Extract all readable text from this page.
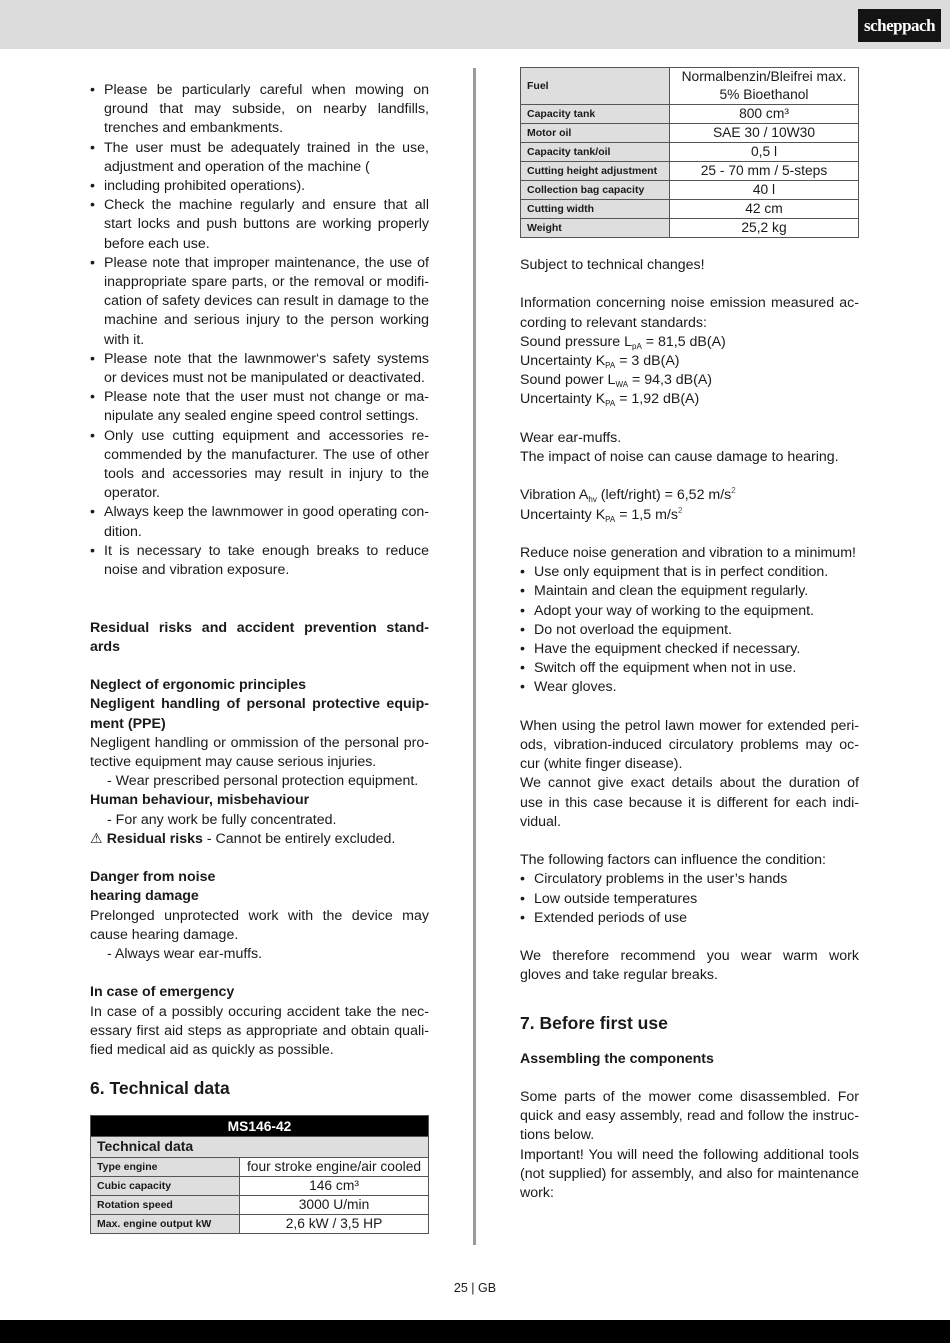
scheppach
• Please be particularly careful when mowing on ground that may subside, on nearby landfills, trenches and embankments.
• The user must be adequately trained in the use, adjustment and operation of the machine (
• including prohibited operations).
• Check the machine regularly and ensure that all start locks and push buttons are working properly before each use.
• Please note that improper maintenance, the use of inappropriate spare parts, or the removal or modifi-cation of safety devices can result in damage to the machine and serious injury to the person working with it.
• Please note that the lawnmower‘s safety systems or devices must not be manipulated or deactivated.
• Please note that the user must not change or ma-nipulate any sealed engine speed control settings.
• Only use cutting equipment and accessories re-commended by the manufacturer. The use of other tools and accessories may result in injury to the operator.
• Always keep the lawnmower in good operating con-dition.
• It is necessary to take enough breaks to reduce noise and vibration exposure.

Residual risks and accident prevention stand-ards

Neglect of ergonomic principles

Negligent handling of personal protective equip-ment (PPE)

Negligent handling or ommission of the personal pro-tective equipment may cause serious injuries.

- Wear prescribed personal protection equipment.

Human behaviour, misbehaviour

- For any work be fully concentrated.

⚠ Residual risks - Cannot be entirely excluded.

Danger from noise

hearing damage

Prelonged unprotected work with the device may cause hearing damage.

- Always wear ear-muffs.

In case of emergency

In case of a possibly occuring accident take the nec-essary first aid steps as appropriate and obtain quali-fied medical aid as quickly as possible.

6. Technical data
MS146-42	
Technical data	
Type engine	four stroke engine/air cooled
Cubic capacity	146 cm³
Rotation speed	3000 U/min
Max. engine output kW	2,6 kW / 3,5 HP
Fuel	Normalbenzin/Bleifrei max. 5% Bioethanol
Capacity tank	800 cm³
Motor oil	SAE 30 / 10W30
Capacity tank/oil	0,5 l
Cutting height adjustment	25 - 70 mm / 5-steps
Collection bag capacity	40 l
Cutting width	42 cm
Weight	25,2 kg

Subject to technical changes!

Information concerning noise emission measured ac-cording to relevant standards:

Sound pressure $L_{pA} = 81,5$ dB(A)

Uncertainty $K_{PA} = 3$ dB(A)

Sound power $L_{WA} = 94,3$ dB(A)

Uncertainty $K_{PA} = 1,92$ dB(A)

Wear ear-muffs.

The impact of noise can cause damage to hearing.

Vibration $A_{hv}$ (left/right) = 6,52 $m/s^2$

Uncertainty $K_{PA} = 1,5$ $m/s^2$

Reduce noise generation and vibration to a minimum!

• Use only equipment that is in perfect condition.
• Maintain and clean the equipment regularly.
• Adopt your way of working to the equipment.
• Do not overload the equipment.
• Have the equipment checked if necessary.
• Switch off the equipment when not in use.
• Wear gloves.

When using the petrol lawn mower for extended peri-ods, vibration-induced circulatory problems may oc-cur (white finger disease).

We cannot give exact details about the duration of use in this case because it is different for each indi-vidual.

The following factors can influence the condition:

• Circulatory problems in the user’s hands
• Low outside temperatures
• Extended periods of use

We therefore recommend you wear warm work gloves and take regular breaks.

7. Before first use

Assembling the components

Some parts of the mower come disassembled. For quick and easy assembly, read and follow the instruc-tions below.

Important! You will need the following additional tools (not supplied) for assembly, and also for maintenance work:

25 | GB
